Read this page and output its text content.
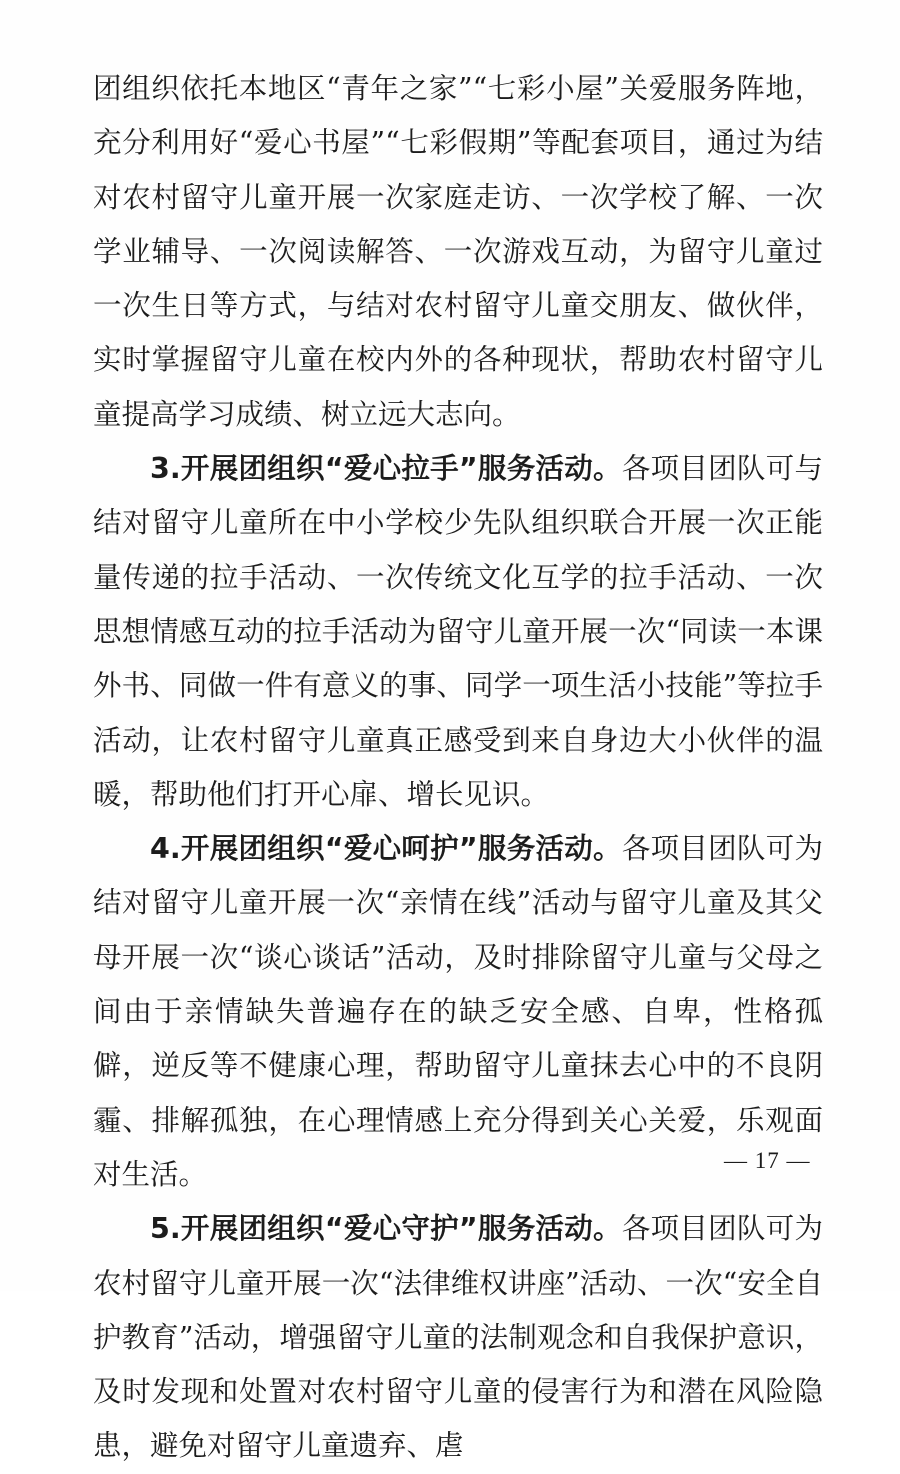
团组织依托本地区“青年之家”“七彩小屋”关爱服务阵地，充分利用好“爱心书屋”“七彩假期”等配套项目，通过为结对农村留守儿童开展一次家庭走访、一次学校了解、一次学业辅导、一次阅读解答、一次游戏互动，为留守儿童过一次生日等方式，与结对农村留守儿童交朋友、做伙伴，实时掌握留守儿童在校内外的各种现状，帮助农村留守儿童提高学习成绩、树立远大志向。

3.开展团组织“爱心拉手”服务活动。各项目团队可与结对留守儿童所在中小学校少先队组织联合开展一次正能量传递的拉手活动、一次传统文化互学的拉手活动、一次思想情感互动的拉手活动为留守儿童开展一次“同读一本课外书、同做一件有意义的事、同学一项生活小技能”等拉手活动，让农村留守儿童真正感受到来自身边大小伙伴的温暖，帮助他们打开心扉、增长见识。

4.开展团组织“爱心呵护”服务活动。各项目团队可为结对留守儿童开展一次“亲情在线”活动与留守儿童及其父母开展一次“谈心谈话”活动，及时排除留守儿童与父母之间由于亲情缺失普遍存在的缺乏安全感、自卑，性格孤僻，逆反等不健康心理，帮助留守儿童抹去心中的不良阴霾、排解孤独，在心理情感上充分得到关心关爱，乐观面对生活。

5.开展团组织“爱心守护”服务活动。各项目团队可为农村留守儿童开展一次“法律维权讲座”活动、一次“安全自护教育”活动，增强留守儿童的法制观念和自我保护意识，及时发现和处置对农村留守儿童的侵害行为和潜在风险隐患，避免对留守儿童遗弃、虐

— 17 —
